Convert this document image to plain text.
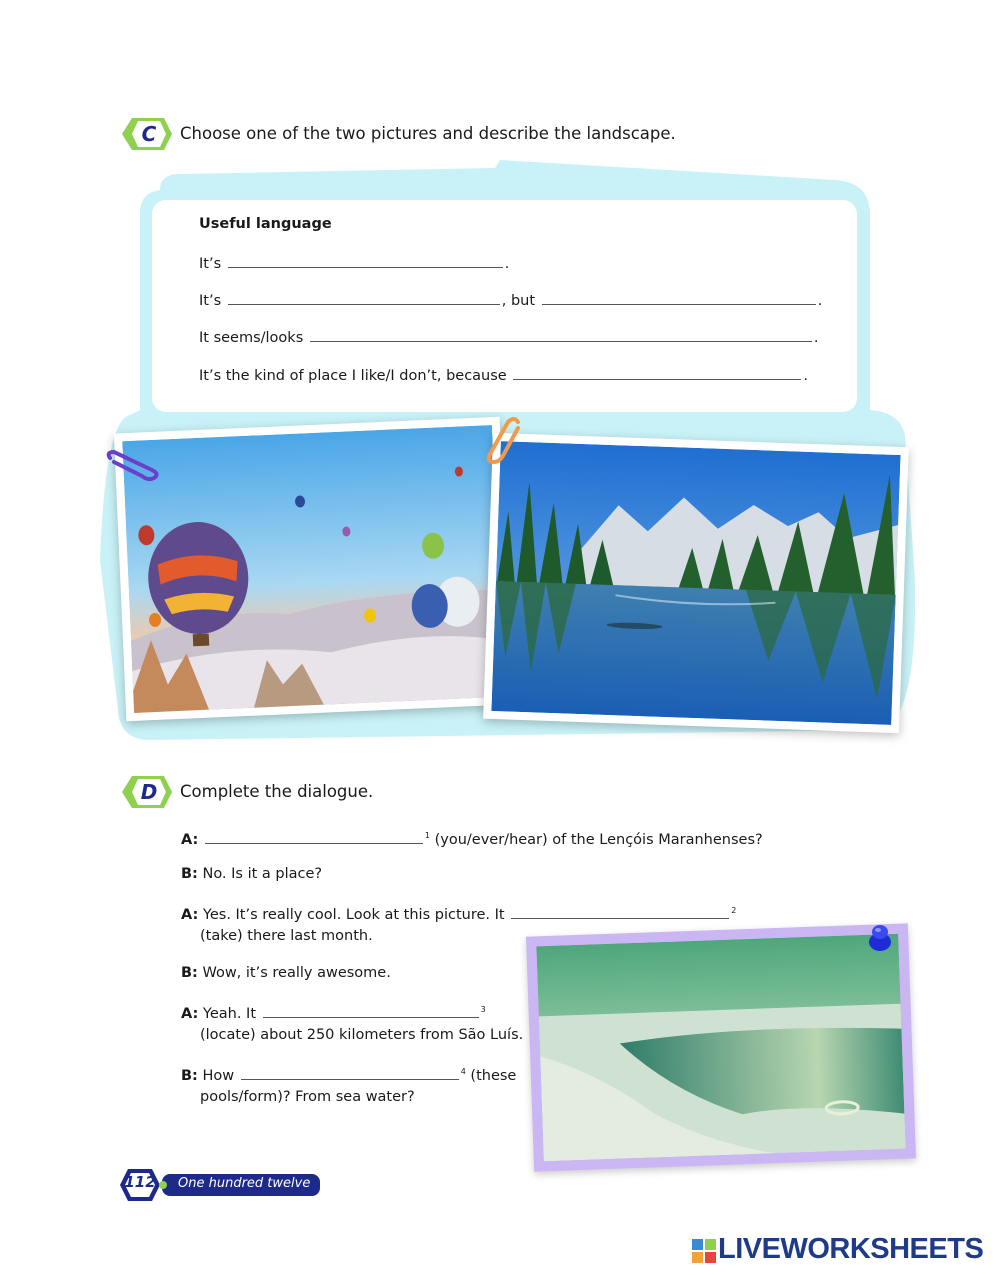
C	Choose one of the two pictures and describe the landscape.
Useful language
It’s	.
It’s	, but	.
It seems/looks	.
It’s the kind of place I like/I don’t, because	.
D	Complete the dialogue.
A:	$^1$ (you/ever/hear) of the Lençóis Maranhenses?
B: No. Is it a place?
A: Yes. It’s really cool. Look at this picture. It	$^2$
(take) there last month.
B: Wow, it’s really awesome.
A: Yeah. It	$^3$
(locate) about 250 kilometers from São Luís.
B: How	$^4$ (these
pools/form)? From sea water?
112	One hundred twelve
LIVEWORKSHEETS
